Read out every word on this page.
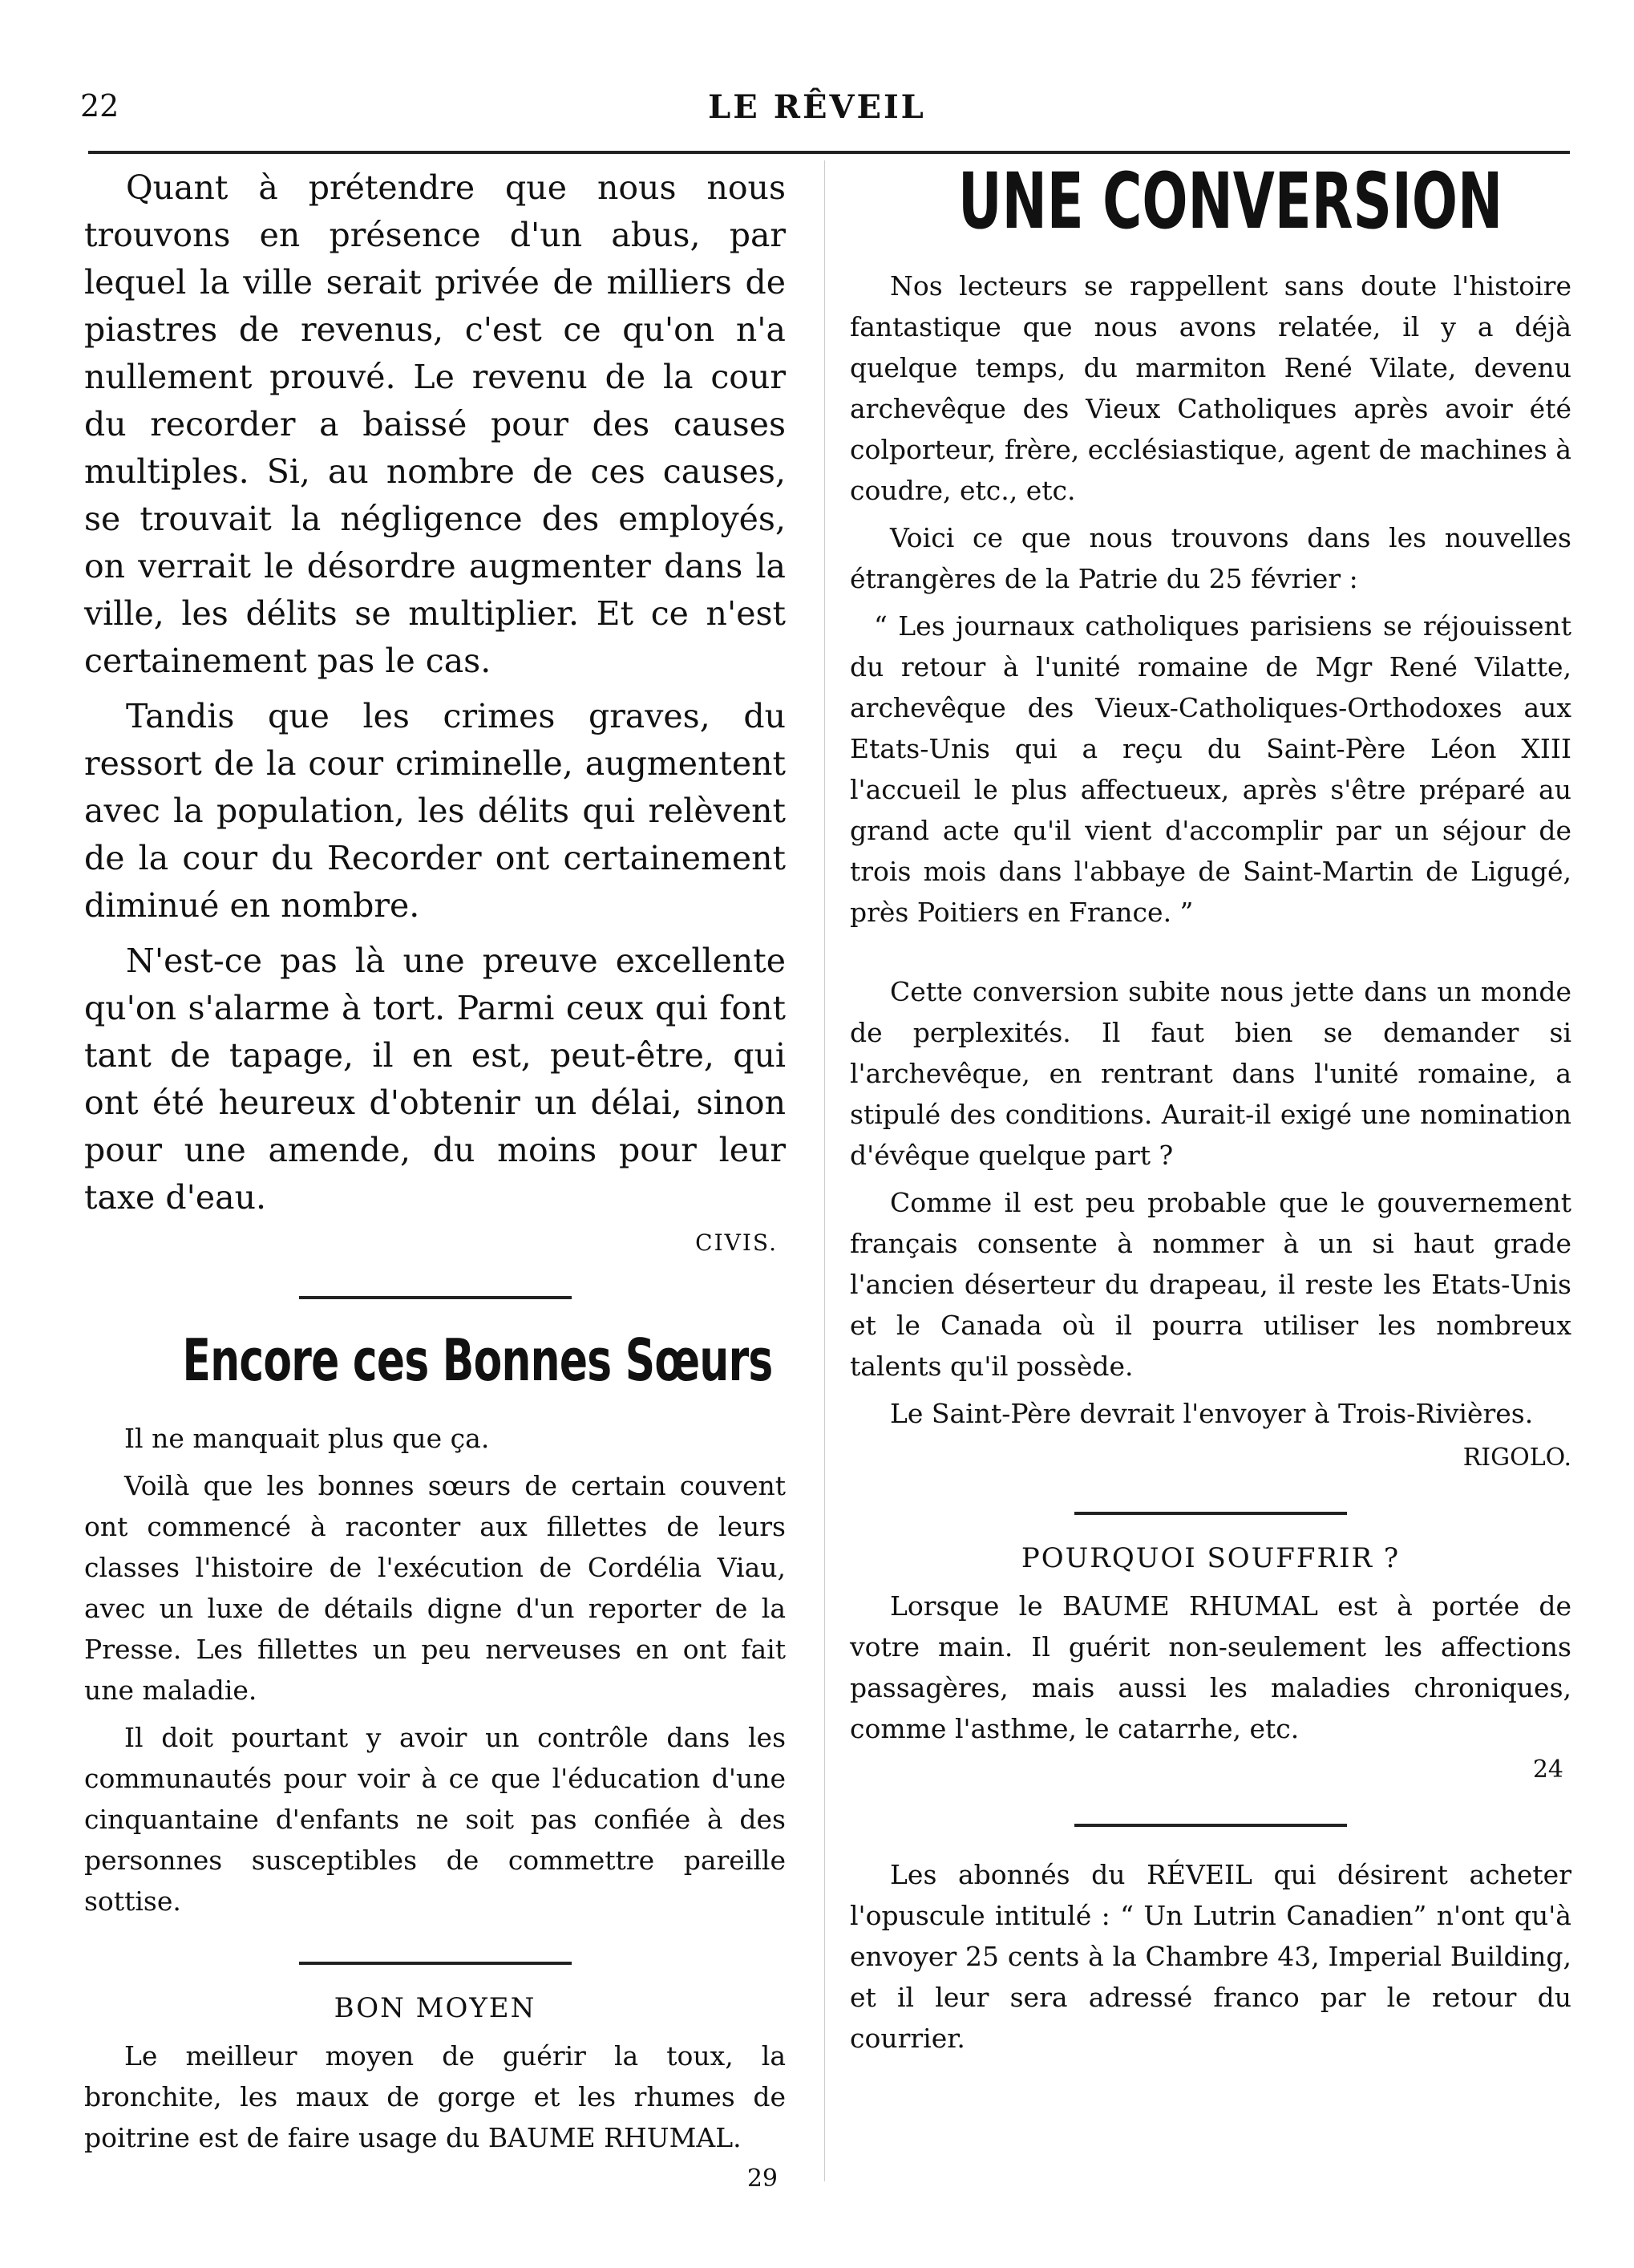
22	LE RÊVEIL

Quant à prétendre que nous nous trouvons en présence d'un abus, par lequel la ville serait privée de milliers de piastres de revenus, c'est ce qu'on n'a nullement prouvé. Le revenu de la cour du recorder a baissé pour des causes multiples. Si, au nombre de ces causes, se trouvait la négligence des employés, on verrait le désordre augmenter dans la ville, les délits se multiplier. Et ce n'est certainement pas le cas.

Tandis que les crimes graves, du ressort de la cour criminelle, augmentent avec la population, les délits qui relèvent de la cour du Recorder ont certainement diminué en nombre.

N'est-ce pas là une preuve excellente qu'on s'alarme à tort. Parmi ceux qui font tant de tapage, il en est, peut-être, qui ont été heureux d'obtenir un délai, sinon pour une amende, du moins pour leur taxe d'eau.

CIVIS.
Encore ces Bonnes Sœurs

Il ne manquait plus que ça.

Voilà que les bonnes sœurs de certain couvent ont commencé à raconter aux fillettes de leurs classes l'histoire de l'exécution de Cordélia Viau, avec un luxe de détails digne d'un reporter de la Presse. Les fillettes un peu nerveuses en ont fait une maladie.

Il doit pourtant y avoir un contrôle dans les communautés pour voir à ce que l'éducation d'une cinquantaine d'enfants ne soit pas confiée à des personnes susceptibles de commettre pareille sottise.

BON MOYEN

Le meilleur moyen de guérir la toux, la bronchite, les maux de gorge et les rhumes de poitrine est de faire usage du BAUME RHUMAL.

29
UNE CONVERSION

Nos lecteurs se rappellent sans doute l'histoire fantastique que nous avons relatée, il y a déjà quelque temps, du marmiton René Vilate, devenu archevêque des Vieux Catholiques après avoir été colporteur, frère, ecclésiastique, agent de machines à coudre, etc., etc.

Voici ce que nous trouvons dans les nouvelles étrangères de la Patrie du 25 février :

“ Les journaux catholiques parisiens se réjouissent du retour à l'unité romaine de Mgr René Vilatte, archevêque des Vieux-Catholiques-Orthodoxes aux Etats-Unis qui a reçu du Saint-Père Léon XIII l'accueil le plus affectueux, après s'être préparé au grand acte qu'il vient d'accomplir par un séjour de trois mois dans l'abbaye de Saint-Martin de Ligugé, près Poitiers en France. ”

Cette conversion subite nous jette dans un monde de perplexités. Il faut bien se demander si l'archevêque, en rentrant dans l'unité romaine, a stipulé des conditions. Aurait-il exigé une nomination d'évêque quelque part ?

Comme il est peu probable que le gouvernement français consente à nommer à un si haut grade l'ancien déserteur du drapeau, il reste les Etats-Unis et le Canada où il pourra utiliser les nombreux talents qu'il possède.

Le Saint-Père devrait l'envoyer à Trois-Rivières.

RIGOLO.
POURQUOI SOUFFRIR ?

Lorsque le BAUME RHUMAL est à portée de votre main. Il guérit non-seulement les affections passagères, mais aussi les maladies chroniques, comme l'asthme, le catarrhe, etc.

24

Les abonnés du RÉVEIL qui désirent acheter l'opuscule intitulé : “ Un Lutrin Canadien” n'ont qu'à envoyer 25 cents à la Chambre 43, Imperial Building, et il leur sera adressé franco par le retour du courrier.
